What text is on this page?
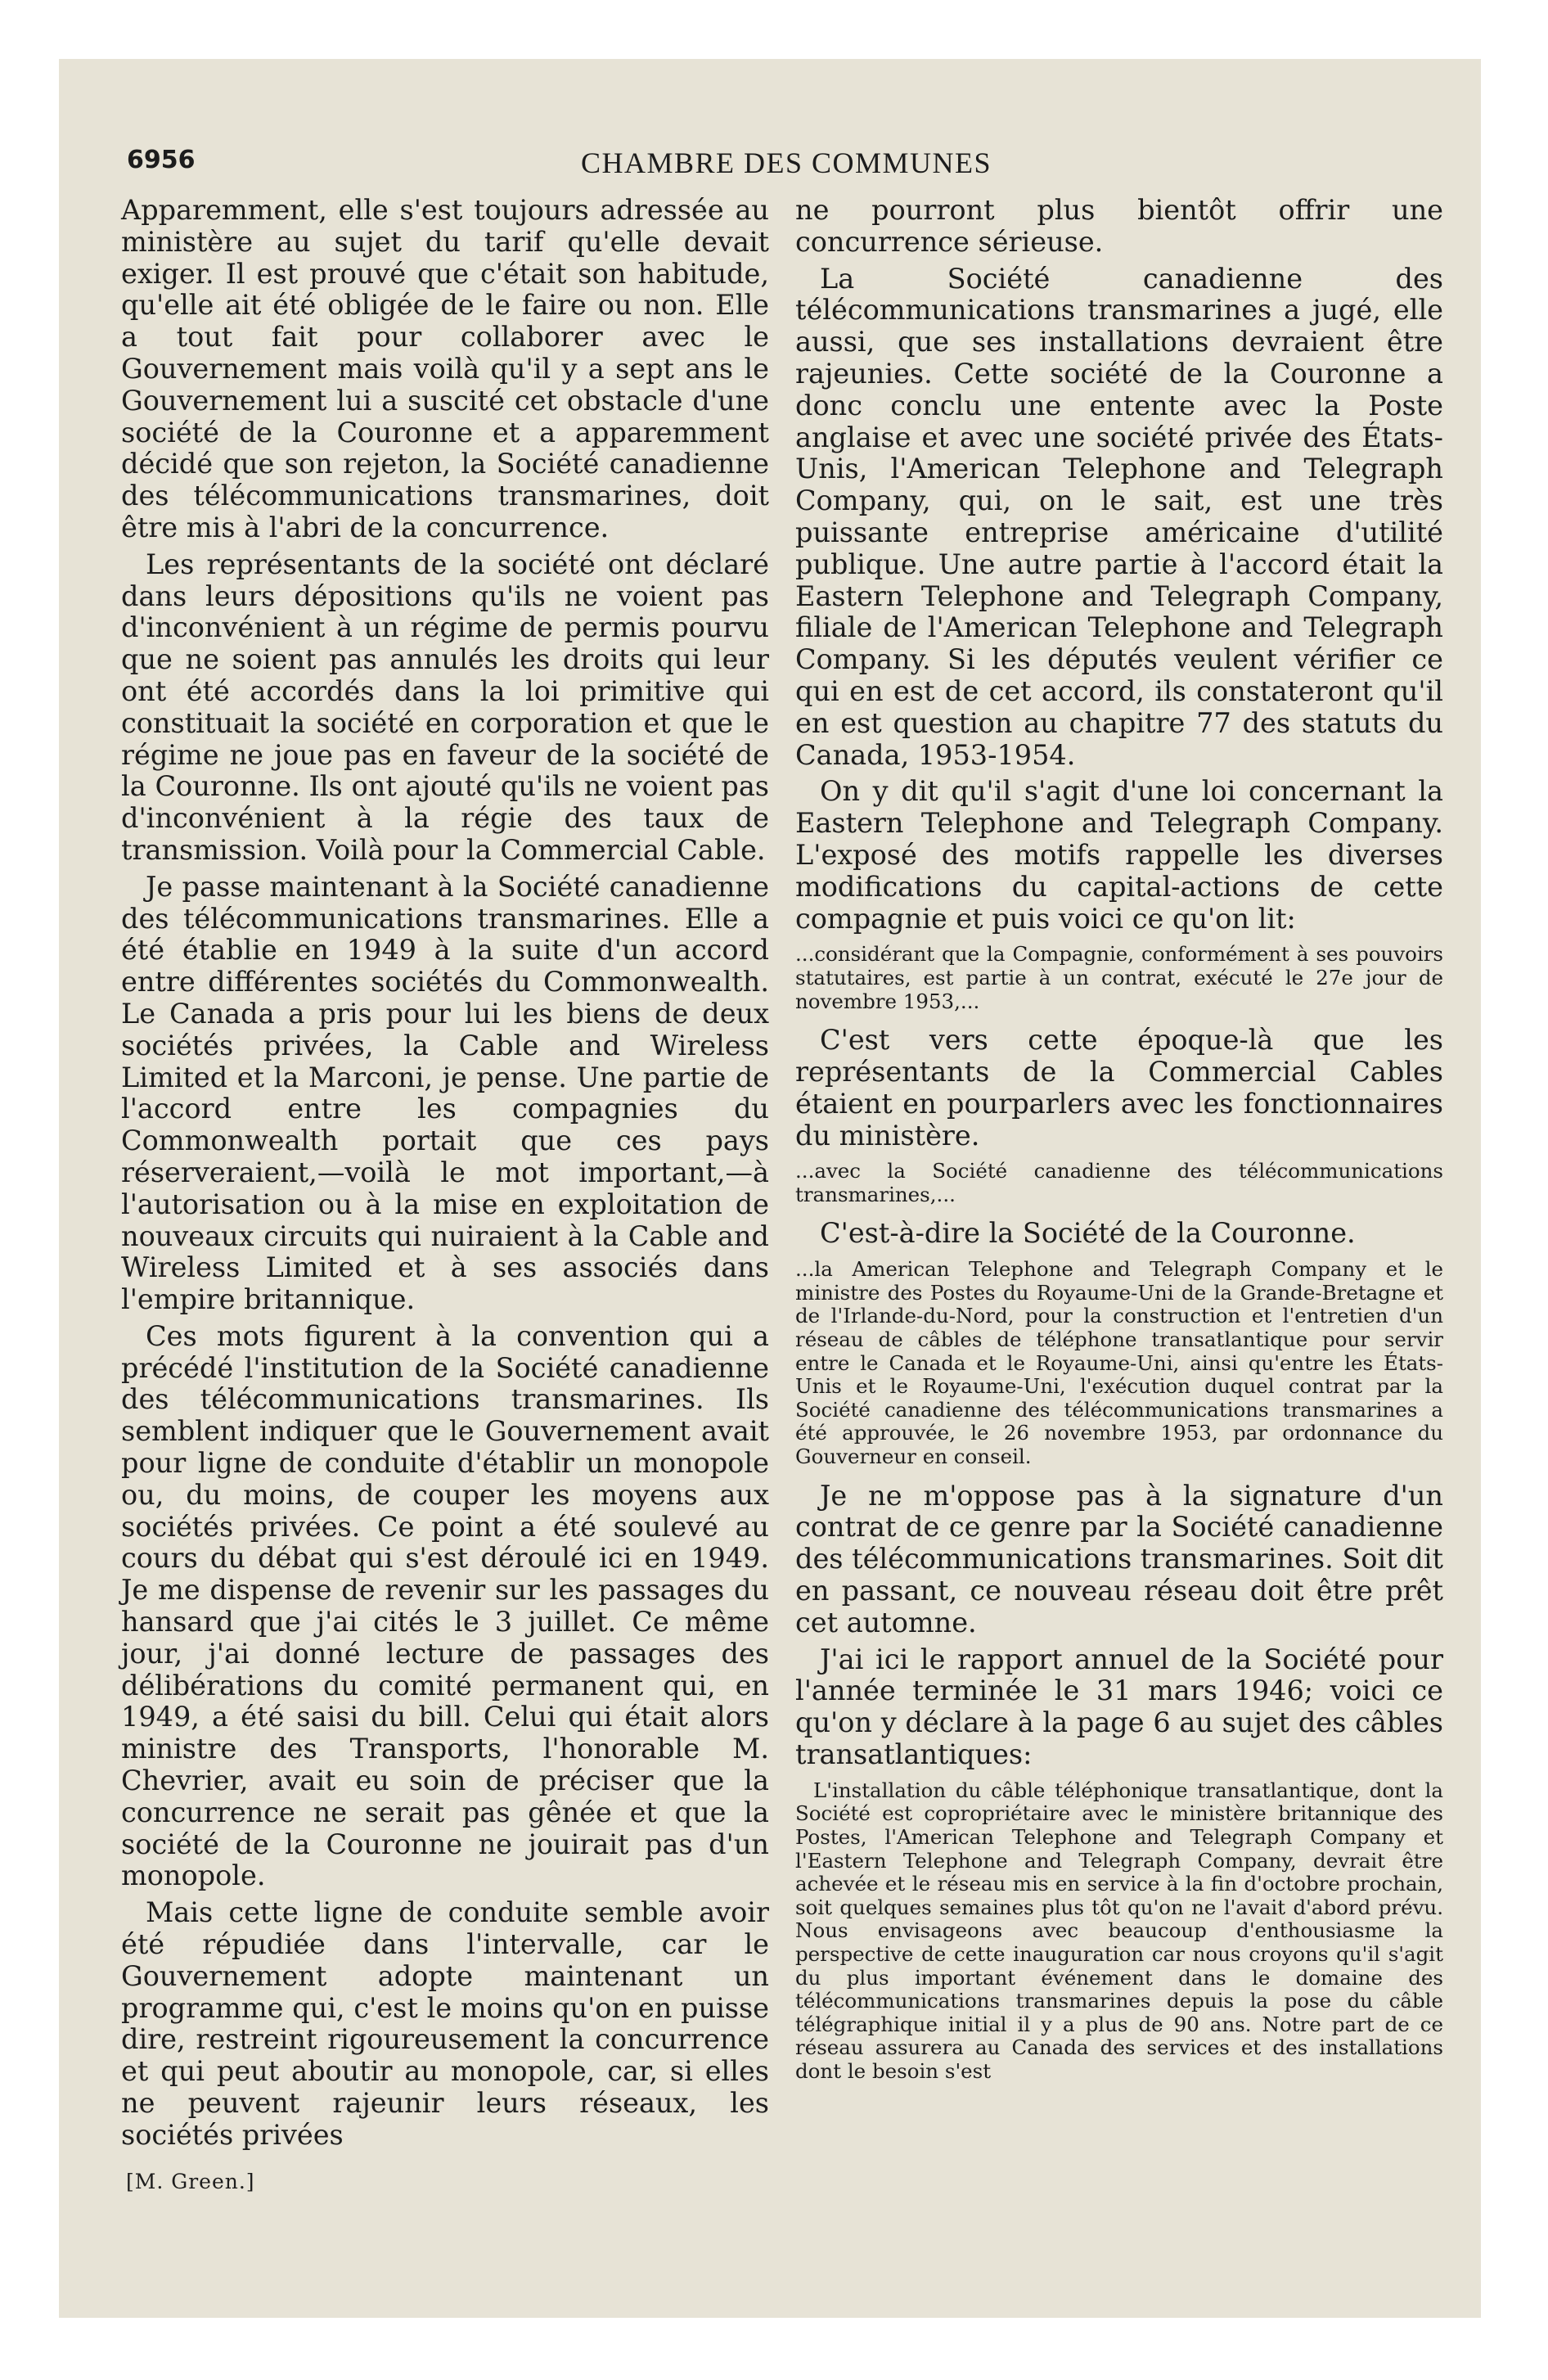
6956	CHAMBRE DES COMMUNES

Apparemment, elle s'est toujours adressée au ministère au sujet du tarif qu'elle devait exiger. Il est prouvé que c'était son habitude, qu'elle ait été obligée de le faire ou non. Elle a tout fait pour collaborer avec le Gouvernement mais voilà qu'il y a sept ans le Gouvernement lui a suscité cet obstacle d'une société de la Couronne et a apparemment décidé que son rejeton, la Société canadienne des télécommunications transmarines, doit être mis à l'abri de la concurrence.

Les représentants de la société ont déclaré dans leurs dépositions qu'ils ne voient pas d'inconvénient à un régime de permis pourvu que ne soient pas annulés les droits qui leur ont été accordés dans la loi primitive qui constituait la société en corporation et que le régime ne joue pas en faveur de la société de la Couronne. Ils ont ajouté qu'ils ne voient pas d'inconvénient à la régie des taux de transmission. Voilà pour la Commercial Cable.

Je passe maintenant à la Société canadienne des télécommunications transmarines. Elle a été établie en 1949 à la suite d'un accord entre différentes sociétés du Commonwealth. Le Canada a pris pour lui les biens de deux sociétés privées, la Cable and Wireless Limited et la Marconi, je pense. Une partie de l'accord entre les compagnies du Commonwealth portait que ces pays réserveraient,—voilà le mot important,—à l'autorisation ou à la mise en exploitation de nouveaux circuits qui nuiraient à la Cable and Wireless Limited et à ses associés dans l'empire britannique.

Ces mots figurent à la convention qui a précédé l'institution de la Société canadienne des télécommunications transmarines. Ils semblent indiquer que le Gouvernement avait pour ligne de conduite d'établir un monopole ou, du moins, de couper les moyens aux sociétés privées. Ce point a été soulevé au cours du débat qui s'est déroulé ici en 1949. Je me dispense de revenir sur les passages du hansard que j'ai cités le 3 juillet. Ce même jour, j'ai donné lecture de passages des délibérations du comité permanent qui, en 1949, a été saisi du bill. Celui qui était alors ministre des Transports, l'honorable M. Chevrier, avait eu soin de préciser que la concurrence ne serait pas gênée et que la société de la Couronne ne jouirait pas d'un monopole.

Mais cette ligne de conduite semble avoir été répudiée dans l'intervalle, car le Gouvernement adopte maintenant un programme qui, c'est le moins qu'on en puisse dire, restreint rigoureusement la concurrence et qui peut aboutir au monopole, car, si elles ne peuvent rajeunir leurs réseaux, les sociétés privées

[M. Green.]

ne pourront plus bientôt offrir une concurrence sérieuse.

La Société canadienne des télécommunications transmarines a jugé, elle aussi, que ses installations devraient être rajeunies. Cette société de la Couronne a donc conclu une entente avec la Poste anglaise et avec une société privée des États-Unis, l'American Telephone and Telegraph Company, qui, on le sait, est une très puissante entreprise américaine d'utilité publique. Une autre partie à l'accord était la Eastern Telephone and Telegraph Company, filiale de l'American Telephone and Telegraph Company. Si les députés veulent vérifier ce qui en est de cet accord, ils constateront qu'il en est question au chapitre 77 des statuts du Canada, 1953-1954.

On y dit qu'il s'agit d'une loi concernant la Eastern Telephone and Telegraph Company. L'exposé des motifs rappelle les diverses modifications du capital-actions de cette compagnie et puis voici ce qu'on lit:

...considérant que la Compagnie, conformément à ses pouvoirs statutaires, est partie à un contrat, exécuté le 27e jour de novembre 1953,...

C'est vers cette époque-là que les représentants de la Commercial Cables étaient en pourparlers avec les fonctionnaires du ministère.

...avec la Société canadienne des télécommunications transmarines,...

C'est-à-dire la Société de la Couronne.

...la American Telephone and Telegraph Company et le ministre des Postes du Royaume-Uni de la Grande-Bretagne et de l'Irlande-du-Nord, pour la construction et l'entretien d'un réseau de câbles de téléphone transatlantique pour servir entre le Canada et le Royaume-Uni, ainsi qu'entre les États-Unis et le Royaume-Uni, l'exécution duquel contrat par la Société canadienne des télécommunications transmarines a été approuvée, le 26 novembre 1953, par ordonnance du Gouverneur en conseil.

Je ne m'oppose pas à la signature d'un contrat de ce genre par la Société canadienne des télécommunications transmarines. Soit dit en passant, ce nouveau réseau doit être prêt cet automne.

J'ai ici le rapport annuel de la Société pour l'année terminée le 31 mars 1946; voici ce qu'on y déclare à la page 6 au sujet des câbles transatlantiques:

L'installation du câble téléphonique transatlantique, dont la Société est copropriétaire avec le ministère britannique des Postes, l'American Telephone and Telegraph Company et l'Eastern Telephone and Telegraph Company, devrait être achevée et le réseau mis en service à la fin d'octobre prochain, soit quelques semaines plus tôt qu'on ne l'avait d'abord prévu. Nous envisageons avec beaucoup d'enthousiasme la perspective de cette inauguration car nous croyons qu'il s'agit du plus important événement dans le domaine des télécommunications transmarines depuis la pose du câble télégraphique initial il y a plus de 90 ans. Notre part de ce réseau assurera au Canada des services et des installations dont le besoin s'est
